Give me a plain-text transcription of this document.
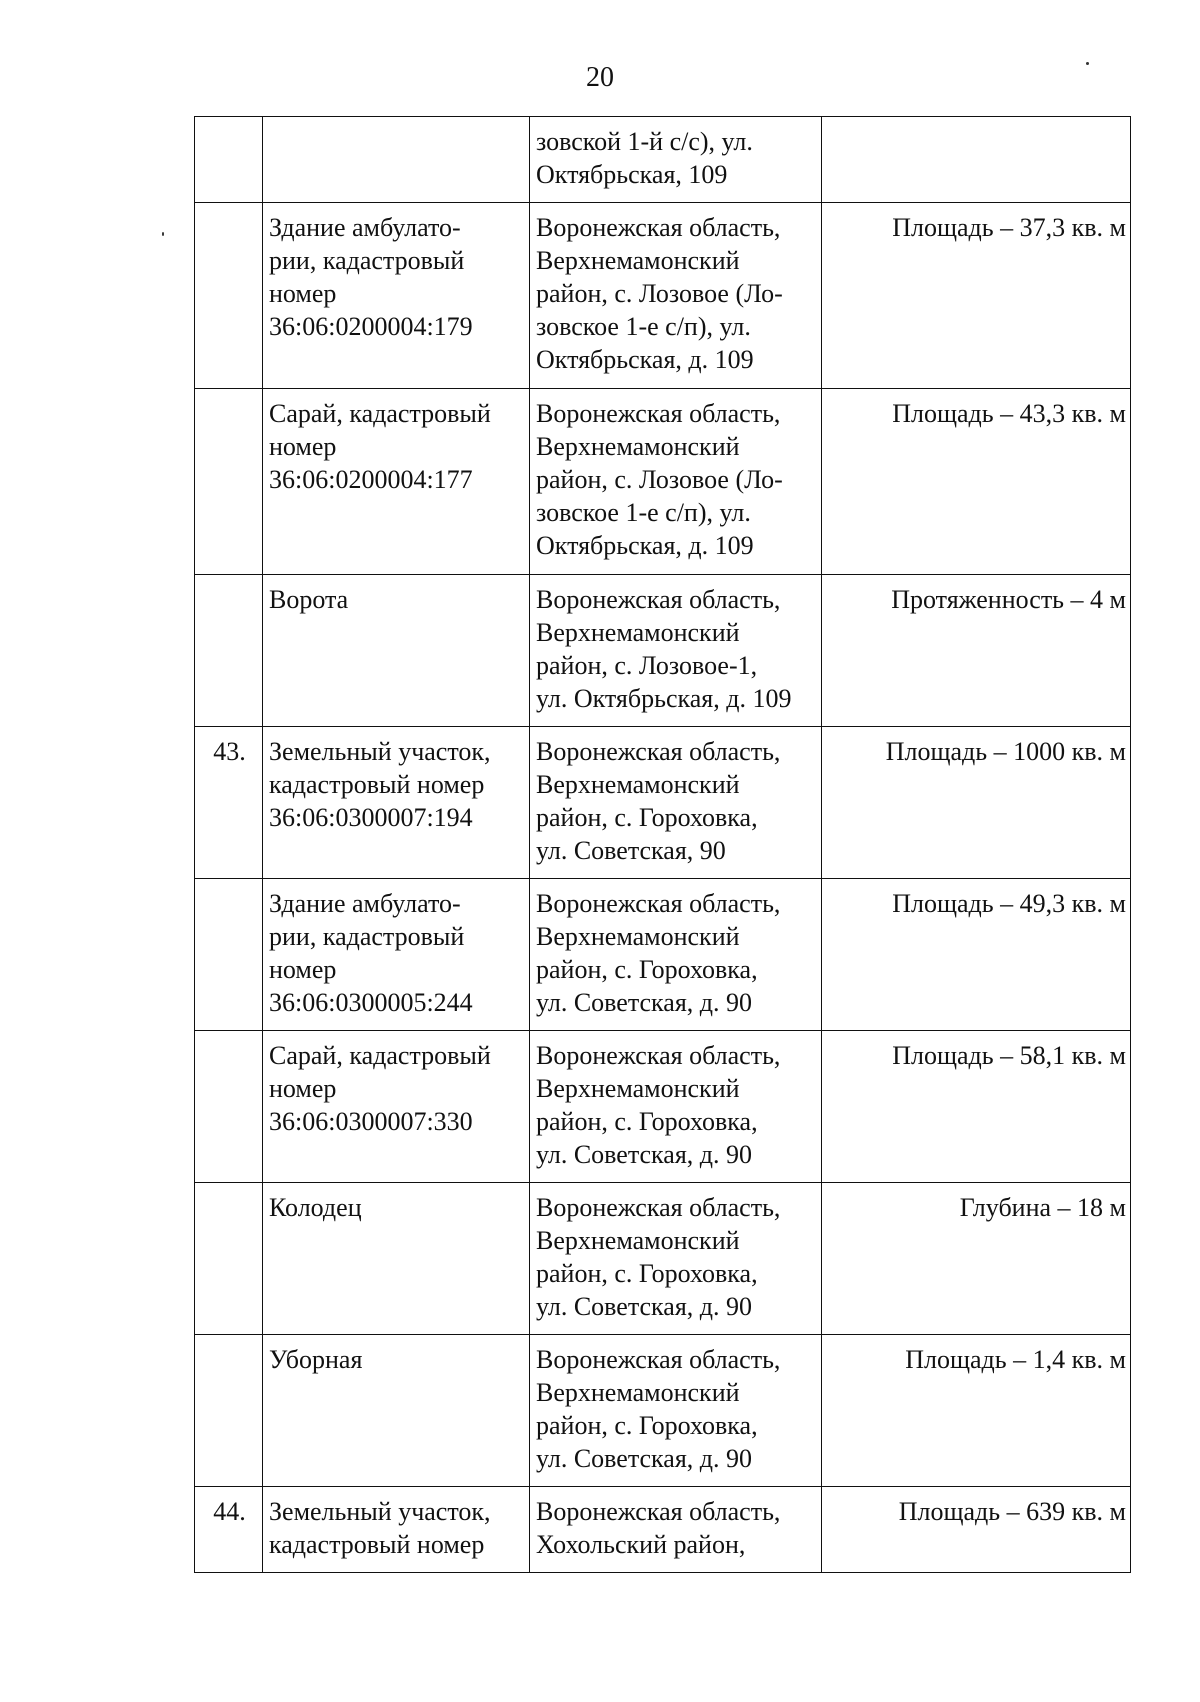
20
		зовской 1-й с/с), ул.
Октябрьская, 109	
	Здание амбулато-
рии, кадастровый
номер
36:06:0200004:179	Воронежская область,
Верхнемамонский
район, с. Лозовое (Ло-
зовское 1-е с/п), ул.
Октябрьская, д. 109	Площадь – 37,3 кв. м
	Сарай, кадастровый
номер
36:06:0200004:177	Воронежская область,
Верхнемамонский
район, с. Лозовое (Ло-
зовское 1-е с/п), ул.
Октябрьская, д. 109	Площадь – 43,3 кв. м
	Ворота	Воронежская область,
Верхнемамонский
район, с. Лозовое-1,
ул. Октябрьская, д. 109	Протяженность – 4 м
43.	Земельный участок,
кадастровый номер
36:06:0300007:194	Воронежская область,
Верхнемамонский
район, с. Гороховка,
ул. Советская, 90	Площадь – 1000 кв. м
	Здание амбулато-
рии, кадастровый
номер
36:06:0300005:244	Воронежская область,
Верхнемамонский
район, с. Гороховка,
ул. Советская, д. 90	Площадь – 49,3 кв. м
	Сарай, кадастровый
номер
36:06:0300007:330	Воронежская область,
Верхнемамонский
район, с. Гороховка,
ул. Советская, д. 90	Площадь – 58,1 кв. м
	Колодец	Воронежская область,
Верхнемамонский
район, с. Гороховка,
ул. Советская, д. 90	Глубина – 18 м
	Уборная	Воронежская область,
Верхнемамонский
район, с. Гороховка,
ул. Советская, д. 90	Площадь – 1,4 кв. м
44.	Земельный участок,
кадастровый номер	Воронежская область,
Хохольский район,	Площадь – 639 кв. м
